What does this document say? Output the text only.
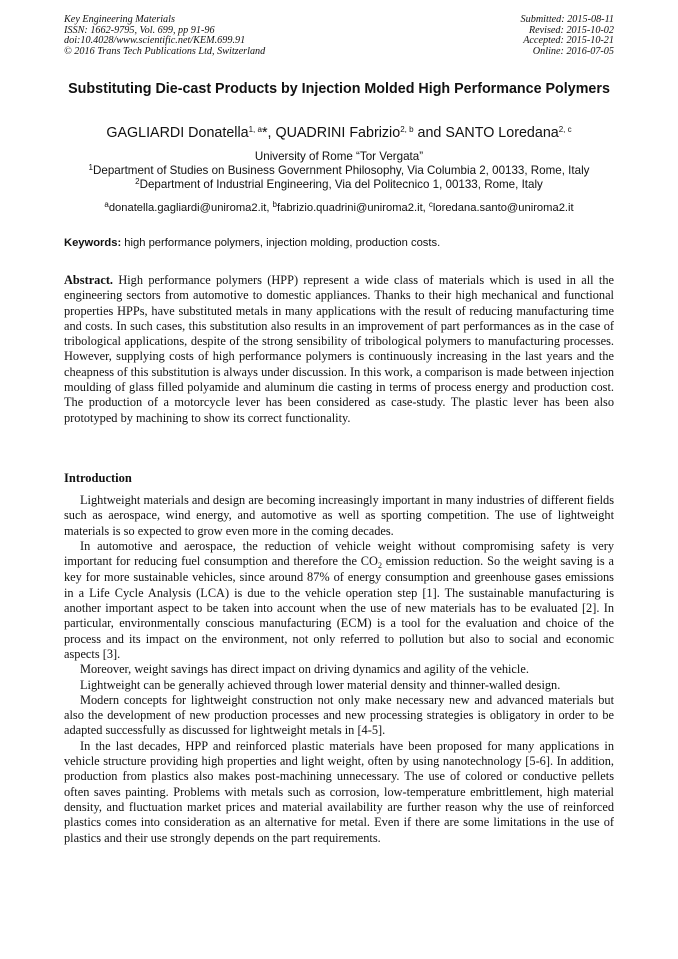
Key Engineering Materials
ISSN: 1662-9795, Vol. 699, pp 91-96
doi:10.4028/www.scientific.net/KEM.699.91
© 2016 Trans Tech Publications Ltd, Switzerland
Submitted: 2015-08-11
Revised: 2015-10-02
Accepted: 2015-10-21
Online: 2016-07-05
Substituting Die-cast Products by Injection Molded High Performance Polymers
GAGLIARDI Donatella$^{1, a}$*, QUADRINI Fabrizio$^{2, b}$ and SANTO Loredana$^{2, c}$
University of Rome “Tor Vergata”
$^1$Department of Studies on Business Government Philosophy, Via Columbia 2, 00133, Rome, Italy
$^2$Department of Industrial Engineering, Via del Politecnico 1, 00133, Rome, Italy
$^a$donatella.gagliardi@uniroma2.it, $^b$fabrizio.quadrini@uniroma2.it, $^c$loredana.santo@uniroma2.it
Keywords: high performance polymers, injection molding, production costs.
Abstract. High performance polymers (HPP) represent a wide class of materials which is used in all the engineering sectors from automotive to domestic appliances. Thanks to their high mechanical and functional properties HPPs, have substituted metals in many applications with the result of reducing manufacturing time and costs. In such cases, this substitution also results in an improvement of part performances as in the case of tribological applications, despite of the strong sensibility of tribological polymers to manufacturing processes. However, supplying costs of high performance polymers is continuously increasing in the last years and the cheapness of this substitution is always under discussion. In this work, a comparison is made between injection moulding of glass filled polyamide and aluminum die casting in terms of process energy and production cost. The production of a motorcycle lever has been considered as case-study. The plastic lever has been also prototyped by machining to show its correct functionality.
Introduction

Lightweight materials and design are becoming increasingly important in many industries of different fields such as aerospace, wind energy, and automotive as well as sporting competition. The use of lightweight materials is so expected to grow even more in the coming decades.

In automotive and aerospace, the reduction of vehicle weight without compromising safety is very important for reducing fuel consumption and therefore the $CO_2$ emission reduction. So the weight saving is a key for more sustainable vehicles, since around 87% of energy consumption and greenhouse gases emissions in a Life Cycle Analysis (LCA) is due to the vehicle operation step [1]. The sustainable manufacturing is another important aspect to be taken into account when the use of new materials has to be evaluated [2]. In particular, environmentally conscious manufacturing (ECM) is a tool for the evaluation and choice of the process and its impact on the environment, not only referred to pollution but also to social and economic aspects [3].

Moreover, weight savings has direct impact on driving dynamics and agility of the vehicle.

Lightweight can be generally achieved through lower material density and thinner-walled design.

Modern concepts for lightweight construction not only make necessary new and advanced materials but also the development of new production processes and new processing strategies is obligatory in order to be adapted successfully as discussed for lightweight metals in [4-5].

In the last decades, HPP and reinforced plastic materials have been proposed for many applications in vehicle structure providing high properties and light weight, often by using nanotechnology [5-6]. In addition, production from plastics also makes post-machining unnecessary. The use of colored or conductive pellets often saves painting. Problems with metals such as corrosion, low-temperature embrittlement, high material density, and fluctuation market prices and material availability are further reason why the use of reinforced plastics comes into consideration as an alternative for metal. Even if there are some limitations in the use of plastics and their use strongly depends on the part requirements.
